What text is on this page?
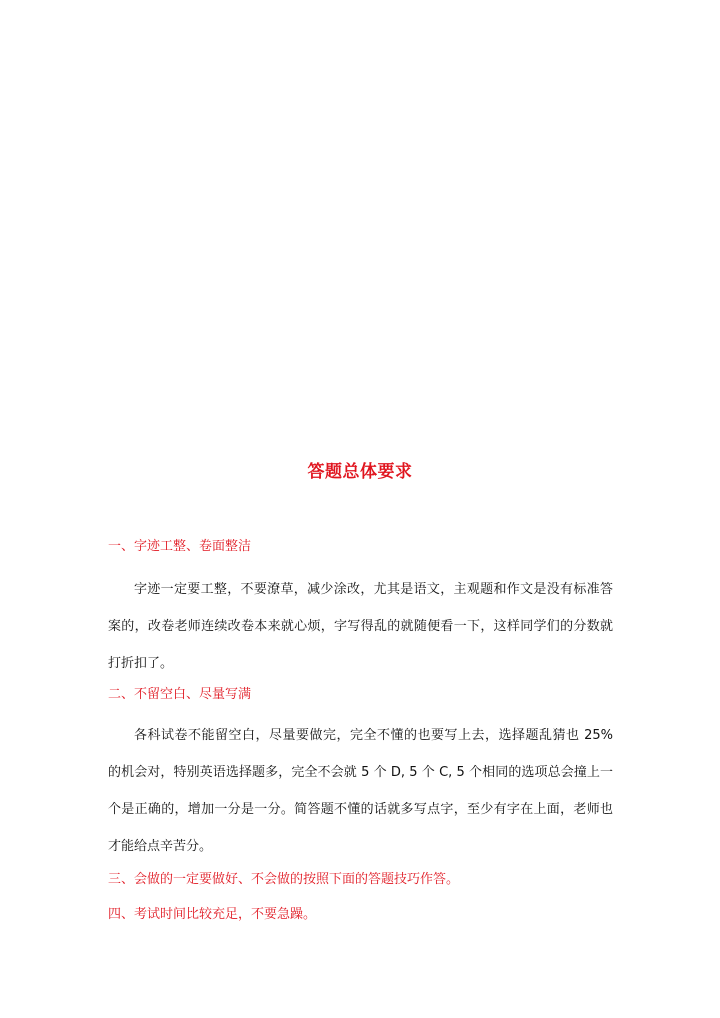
答题总体要求

一、字迹工整、卷面整洁

字迹一定要工整，不要潦草，减少涂改，尤其是语文，主观题和作文是没有标准答案的，改卷老师连续改卷本来就心烦，字写得乱的就随便看一下，这样同学们的分数就打折扣了。

二、不留空白、尽量写满

各科试卷不能留空白，尽量要做完，完全不懂的也要写上去，选择题乱猜也 25% 的机会对，特别英语选择题多，完全不会就 5 个 D, 5 个 C, 5 个相同的选项总会撞上一个是正确的，增加一分是一分。简答题不懂的话就多写点字，至少有字在上面，老师也才能给点辛苦分。

三、会做的一定要做好、不会做的按照下面的答题技巧作答。

四、考试时间比较充足，不要急躁。
